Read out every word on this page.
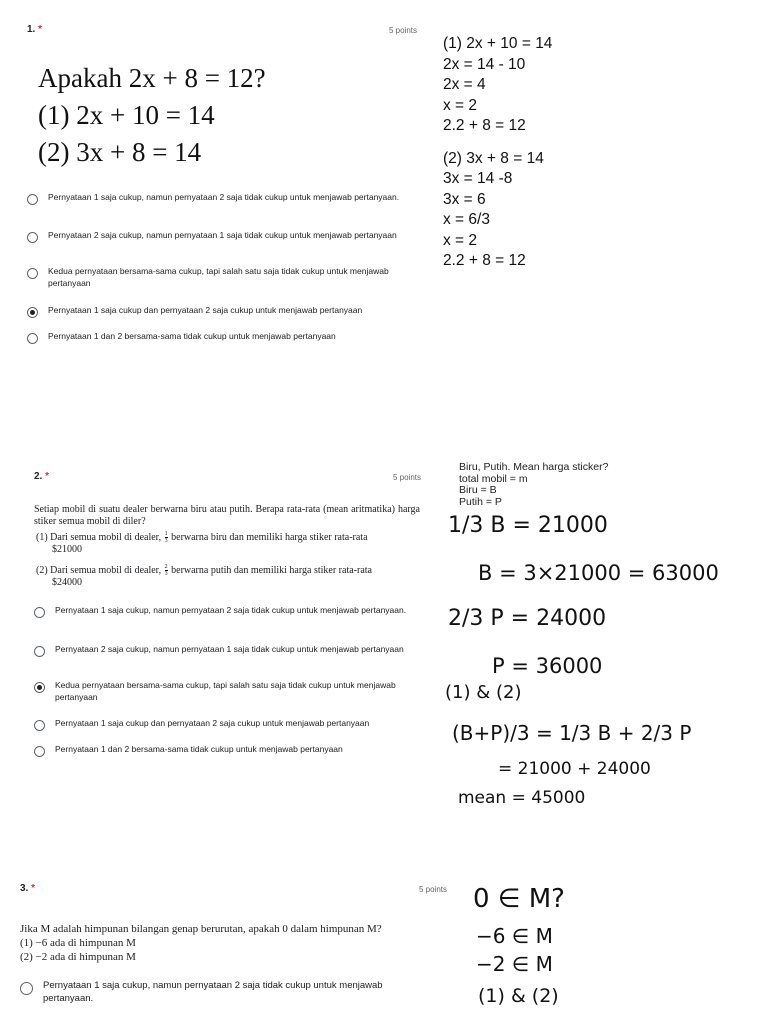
1. *	5 points
Apakah 2x + 8 = 12?
(1) 2x + 10 = 14
(2) 3x + 8 = 14
Pernyataan 1 saja cukup, namun pernyataan 2 saja tidak cukup untuk menjawab pertanyaan.
Pernyataan 2 saja cukup, namun pernyataan 1 saja tidak cukup untuk menjawab pertanyaan
Kedua pernyataan bersama-sama cukup, tapi salah satu saja tidak cukup untuk menjawab pertanyaan
Pernyataan 1 saja cukup dan pernyataan 2 saja cukup untuk menjawab pertanyaan
Pernyataan 1 dan 2 bersama-sama tidak cukup untuk menjawab pertanyaan
(1) 2x + 10 = 14
2x = 14 - 10
2x = 4
x = 2
2.2 + 8 = 12
(2) 3x + 8 = 14
3x = 14 -8
3x = 6
x = 6/3
x = 2
2.2 + 8 = 12
2. *	5 points
Setiap mobil di suatu dealer berwarna biru atau putih. Berapa rata-rata (mean aritmatika) harga stiker semua mobil di diler?
(1) Dari semua mobil di dealer, $\frac{1}{3}$ berwarna biru dan memiliki harga stiker rata-rata
$21000
(2) Dari semua mobil di dealer, $\frac{2}{3}$ berwarna putih dan memiliki harga stiker rata-rata
$24000
Pernyataan 1 saja cukup, namun pernyataan 2 saja tidak cukup untuk menjawab pertanyaan.
Pernyataan 2 saja cukup, namun pernyataan 1 saja tidak cukup untuk menjawab pertanyaan
Kedua pernyataan bersama-sama cukup, tapi salah satu saja tidak cukup untuk menjawab pertanyaan
Pernyataan 1 saja cukup dan pernyataan 2 saja cukup untuk menjawab pertanyaan
Pernyataan 1 dan 2 bersama-sama tidak cukup untuk menjawab pertanyaan
Biru, Putih. Mean harga sticker?
total mobil = m
Biru = B
Putih = P
1/3 B = 21000
B = 3×21000 = 63000
2/3 P = 24000
P = 36000
(1) & (2)
(B+P)/3 = 1/3 B + 2/3 P
= 21000 + 24000
mean = 45000
3. *	5 points
Jika M adalah himpunan bilangan genap berurutan, apakah 0 dalam himpunan M?
(1) −6 ada di himpunan M
(2) −2 ada di himpunan M
Pernyataan 1 saja cukup, namun pernyataan 2 saja tidak cukup untuk menjawab pertanyaan.
0 ∈ M?
−6 ∈ M
−2 ∈ M
(1) & (2)
